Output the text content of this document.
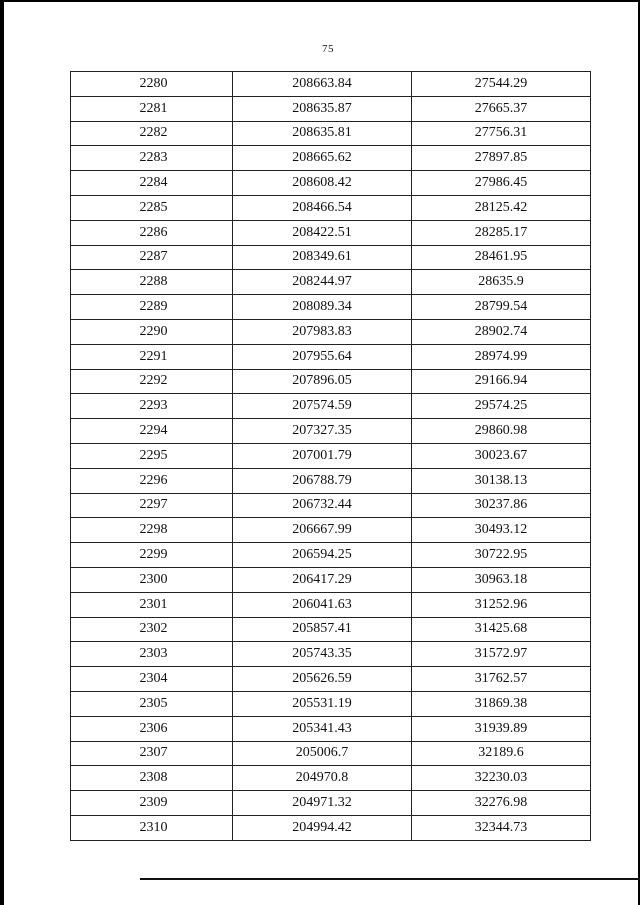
75
2280	208663.84	27544.29
2281	208635.87	27665.37
2282	208635.81	27756.31
2283	208665.62	27897.85
2284	208608.42	27986.45
2285	208466.54	28125.42
2286	208422.51	28285.17
2287	208349.61	28461.95
2288	208244.97	28635.9
2289	208089.34	28799.54
2290	207983.83	28902.74
2291	207955.64	28974.99
2292	207896.05	29166.94
2293	207574.59	29574.25
2294	207327.35	29860.98
2295	207001.79	30023.67
2296	206788.79	30138.13
2297	206732.44	30237.86
2298	206667.99	30493.12
2299	206594.25	30722.95
2300	206417.29	30963.18
2301	206041.63	31252.96
2302	205857.41	31425.68
2303	205743.35	31572.97
2304	205626.59	31762.57
2305	205531.19	31869.38
2306	205341.43	31939.89
2307	205006.7	32189.6
2308	204970.8	32230.03
2309	204971.32	32276.98
2310	204994.42	32344.73
